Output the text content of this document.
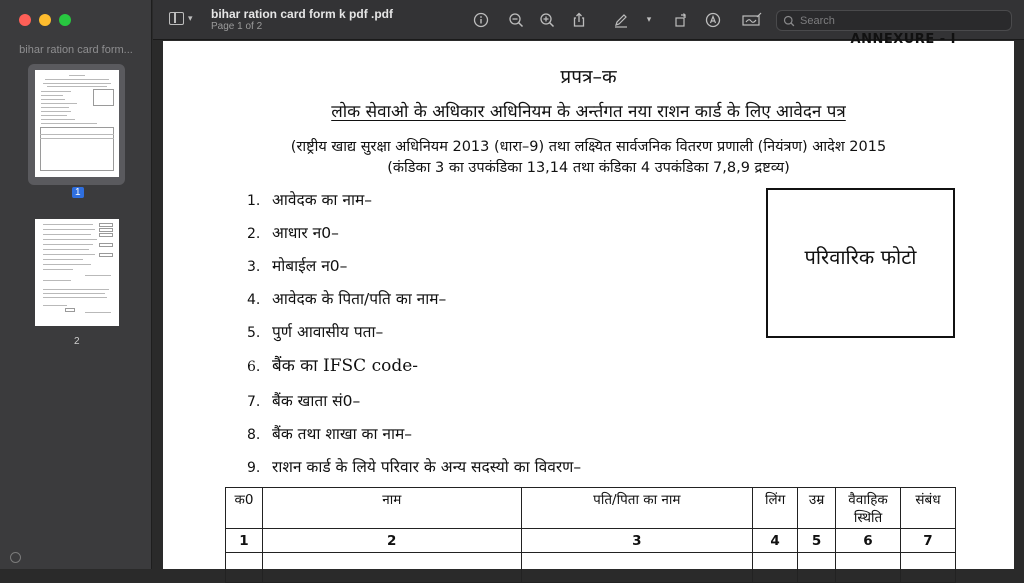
bihar ration card form...
1
2
▾ bihar ration card form k pdf .pdf
Page 1 of 2
▾
Search
ANNEXURE - I
प्रपत्र–क
लोक सेवाओ के अधिकार अधिनियम के अर्न्तगत नया राशन कार्ड के लिए आवेदन पत्र
(राष्ट्रीय खाद्य सुरक्षा अधिनियम 2013 (धारा–9) तथा लक्ष्यित सार्वजनिक वितरण प्रणाली (नियंत्रण) आदेश 2015
(कंडिका 3 का उपकंडिका 13,14 तथा कंडिका 4 उपकंडिका 7,8,9 द्रष्टव्य)
1. आवेदक का नाम–
2. आधार न0–
3. मोबाईल न0–
4. आवेदक के पिता/पति का नाम–
5. पुर्ण आवासीय पता–
6. बैंक का IFSC code-
7. बैंक खाता सं0–
8. बैंक तथा शाखा का नाम–
9. राशन कार्ड के लिये परिवार के अन्य सदस्यो का विवरण–
परिवारिक फोटो
क0	नाम	पति/पिता का नाम	लिंग	उम्र	वैवाहिक स्थिति	संबंध
1	2	3	4	5	6	7
